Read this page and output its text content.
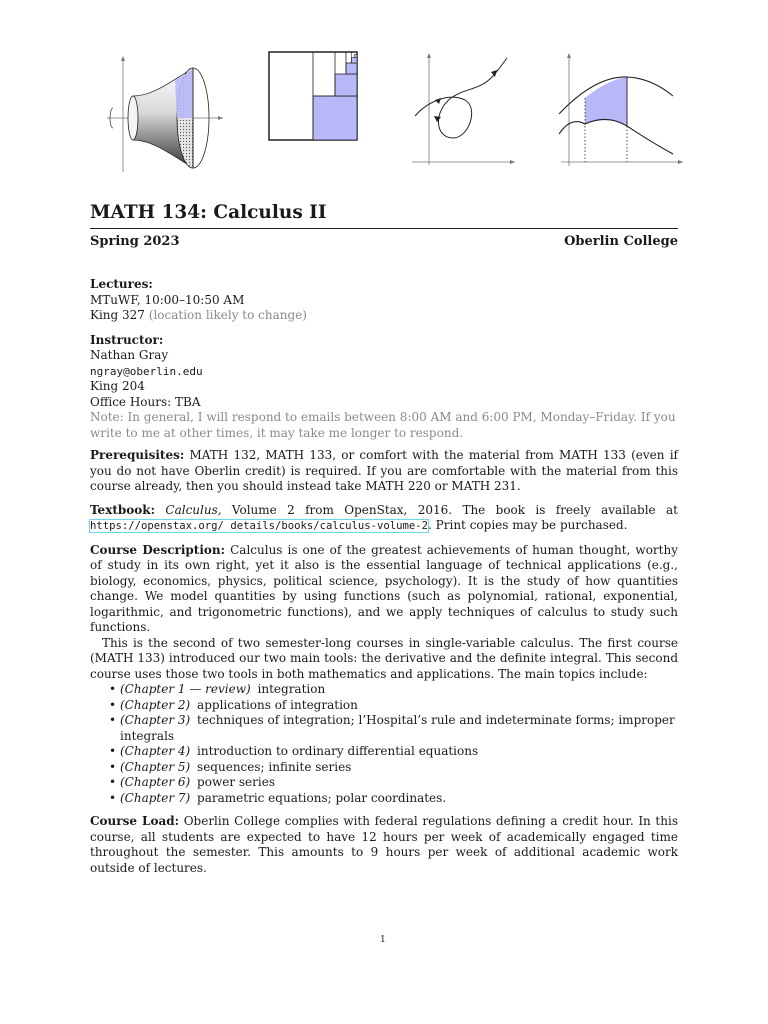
MATH 134: Calculus II
Spring 2023	Oberlin College
Lectures:
MTuWF, 10:00–10:50 AM
King 327 (location likely to change)
Instructor:
Nathan Gray
ngray@oberlin.edu
King 204
Office Hours: TBA
Note: In general, I will respond to emails between 8:00 AM and 6:00 PM, Monday–Friday. If you write to me at other times, it may take me longer to respond.

Prerequisites: MATH 132, MATH 133, or comfort with the material from MATH 133 (even if you do not have Oberlin credit) is required. If you are comfortable with the material from this course already, then you should instead take MATH 220 or MATH 231.

Textbook: Calculus, Volume 2 from OpenStax, 2016. The book is freely available at https://openstax.org/ details/books/calculus-volume-2. Print copies may be purchased.

Course Description: Calculus is one of the greatest achievements of human thought, worthy of study in its own right, yet it also is the essential language of technical applications (e.g., biology, economics, physics, political science, psychology). It is the study of how quantities change. We model quantities by using functions (such as polynomial, rational, exponential, logarithmic, and trigonometric functions), and we apply techniques of calculus to study such functions.

This is the second of two semester-long courses in single-variable calculus. The first course (MATH 133) introduced our two main tools: the derivative and the definite integral. This second course uses those two tools in both mathematics and applications. The main topics include:

• (Chapter 1 — review) integration
• (Chapter 2) applications of integration
• (Chapter 3) techniques of integration; l’Hospital’s rule and indeterminate forms; improper integrals
• (Chapter 4) introduction to ordinary differential equations
• (Chapter 5) sequences; infinite series
• (Chapter 6) power series
• (Chapter 7) parametric equations; polar coordinates.

Course Load: Oberlin College complies with federal regulations defining a credit hour. In this course, all students are expected to have 12 hours per week of academically engaged time throughout the semester. This amounts to 9 hours per week of additional academic work outside of lectures.

1
